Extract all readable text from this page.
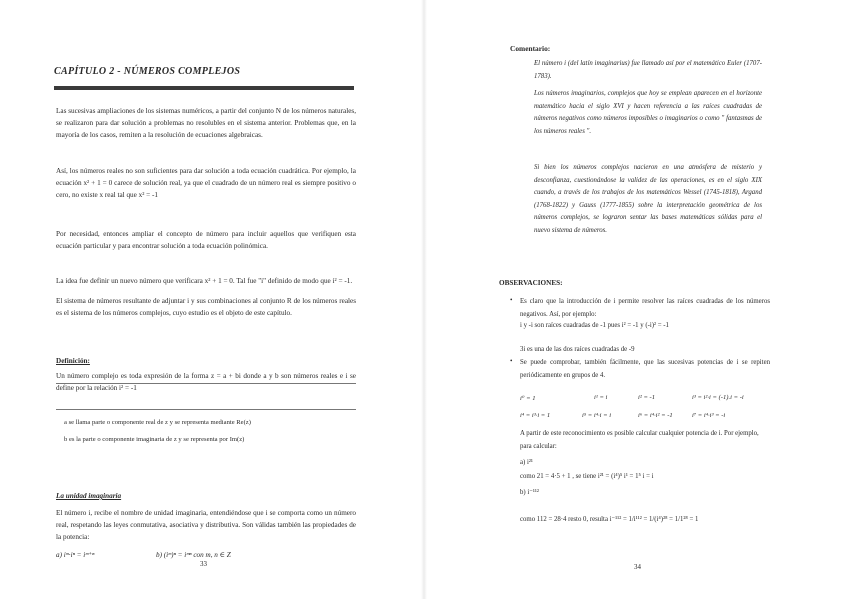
CAPÍTULO 2 - NÚMEROS COMPLEJOS
Las sucesivas ampliaciones de los sistemas numéricos, a partir del conjunto N de los números naturales, se realizaron para dar solución a problemas no resolubles en el sistema anterior. Problemas que, en la mayoría de los casos, remiten a la resolución de ecuaciones algebraicas.
Así, los números reales no son suficientes para dar solución a toda ecuación cuadrática. Por ejemplo, la ecuación x² + 1 = 0 carece de solución real, ya que el cuadrado de un número real es siempre positivo o cero, no existe x real tal que x² = -1
Por necesidad, entonces ampliar el concepto de número para incluir aquellos que verifiquen esta ecuación particular y para encontrar solución a toda ecuación polinómica.
La idea fue definir un nuevo número que verificara x² + 1 = 0. Tal fue "i" definido de modo que i² = -1.
El sistema de números resultante de adjuntar i y sus combinaciones al conjunto R de los números reales es el sistema de los números complejos, cuyo estudio es el objeto de este capítulo.
Definición:
Un número complejo es toda expresión de la forma z = a + bi donde a y b son números reales e i se define por la relación i² = -1
a se llama parte o componente real de z y se representa mediante Re(z)
b es la parte o componente imaginaria de z y se representa por Im(z)
La unidad imaginaria
El número i, recibe el nombre de unidad imaginaria, entendiéndose que i se comporta como un número real, respetando las leyes conmutativa, asociativa y distributiva. Son válidas también las propiedades de la potencia:
a) iᵐ·iⁿ = iᵐ⁺ⁿ	b) (iᵐ)ⁿ = iᵐⁿ con m, n ∈ Z
33
Comentario:
El número i (del latín imaginarius) fue llamado así por el matemático Euler (1707-1783).
Los números imaginarios, complejos que hoy se emplean aparecen en el horizonte matemático hacia el siglo XVI y hacen referencia a las raíces cuadradas de números negativos como números imposibles o imaginarios o como " fantasmas de los números reales ".
Si bien los números complejos nacieron en una atmósfera de misterio y desconfianza, cuestionándose la validez de las operaciones, es en el siglo XIX cuando, a través de los trabajos de los matemáticos Wessel (1745-1818), Argand (1768-1822) y Gauss (1777-1855) sobre la interpretación geométrica de los números complejos, se lograron sentar las bases matemáticas sólidas para el nuevo sistema de números.
OBSERVACIONES:
• Es claro que la introducción de i permite resolver las raíces cuadradas de los números negativos. Así, por ejemplo:
i y -i son raíces cuadradas de -1 pues i² = -1 y (-i)² = -1
3i es una de las dos raíces cuadradas de -9
• Se puede comprobar, también fácilmente, que las sucesivas potencias de i se repiten periódicamente en grupos de 4.
i⁰ = 1	i¹ = i	i² = -1	i³ = i²·i = (-1).i = -i
i⁴ = i³·i = 1	i⁵ = i⁴·i = i	i⁶ = i⁴·i² = -1	i⁷ = i⁴·i³ = -i
A partir de este reconocimiento es posible calcular cualquier potencia de i. Por ejemplo, para calcular:
a) i²¹
como 21 = 4·5 + 1 , se tiene i²¹ = (i⁴)⁵ i¹ = 1⁵ i = i
b) i⁻¹¹²
como 112 = 28·4 resto 0, resulta i⁻¹¹² = 1/i¹¹² = 1/(i⁴)²⁸ = 1/1²⁸ = 1
34
